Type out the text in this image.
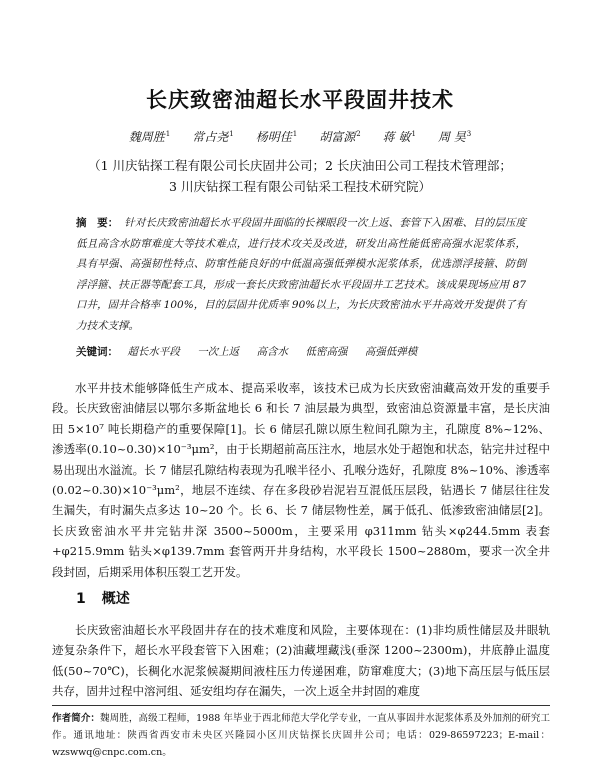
长庆致密油超长水平段固井技术
魏周胜$^1$ 常占尧$^1$ 杨明佳$^1$ 胡富源$^2$ 蒋 敏$^1$ 周 昊$^3$
（1 川庆钻探工程有限公司长庆固井公司；2 长庆油田公司工程技术管理部；
3 川庆钻探工程有限公司钻采工程技术研究院）
摘　要： 针对长庆致密油超长水平段固井面临的长裸眼段一次上返、套管下入困难、目的层压度低且高含水防窜难度大等技术难点，进行技术攻关及改进，研发出高性能低密高强水泥浆体系，具有早强、高强韧性特点、防窜性能良好的中低温高强低弹模水泥浆体系，优选漂浮接箍、防倒浮浮箍、扶正器等配套工具，形成一套长庆致密油超长水平段固井工艺技术。该成果现场应用 87 口井，固井合格率 100%，目的层固井优质率 90%以上，为长庆致密油水平井高效开发提供了有力技术支撑。
关键词： 超长水平段 一次上返 高含水 低密高强 高强低弹模
水平井技术能够降低生产成本、提高采收率，该技术已成为长庆致密油藏高效开发的重要手段。长庆致密油储层以鄂尔多斯盆地长 6 和长 7 油层最为典型，致密油总资源量丰富，是长庆油田 5×10⁷ 吨长期稳产的重要保障[1]。长 6 储层孔隙以原生粒间孔隙为主，孔隙度 8%~12%、渗透率(0.10~0.30)×10⁻³μm²，由于长期超前高压注水，地层水处于超饱和状态，钻完井过程中易出现出水溢流。长 7 储层孔隙结构表现为孔喉半径小、孔喉分选好，孔隙度 8%~10%、渗透率(0.02~0.30)×10⁻³μm²，地层不连续、存在多段砂岩泥岩互混低压层段，钻遇长 7 储层往往发生漏失，有时漏失点多达 10~20 个。长 6、长 7 储层物性差，属于低孔、低渗致密油储层[2]。长庆致密油水平井完钻井深 3500~5000m，主要采用 φ311mm 钻头×φ244.5mm 表套+φ215.9mm 钻头×φ139.7mm 套管两开井身结构，水平段长 1500~2880m，要求一次全井段封固，后期采用体积压裂工艺开发。
1 概述
长庆致密油超长水平段固井存在的技术难度和风险，主要体现在：(1)非均质性储层及井眼轨迹复杂条件下，超长水平段套管下入困难；(2)油藏埋藏浅(垂深 1200~2300m)，井底静止温度低(50~70℃)，长稠化水泥浆候凝期间液柱压力传递困难，防窜难度大；(3)地下高压层与低压层共存，固井过程中溶河组、延安组均存在漏失，一次上返全井封固的难度
作者简介：魏周胜，高级工程师，1988 年毕业于西北师范大学化学专业，一直从事固井水泥浆体系及外加剂的研究工作。通讯地址：陕西省西安市未央区兴隆园小区川庆钻探长庆固井公司；电话：029-86597223；E-mail：wzswwq@cnpc.com.cn。
